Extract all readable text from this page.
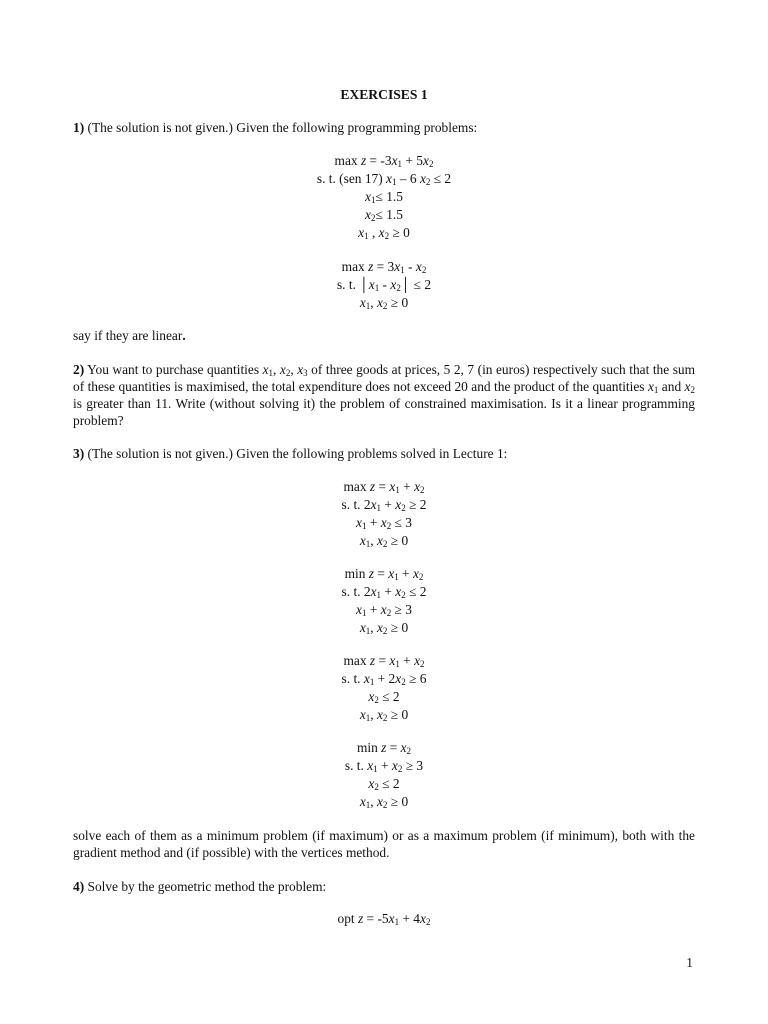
EXERCISES 1
1) (The solution is not given.) Given the following programming problems:
$\max z = -3x_1 + 5x_2$
s. t. (sen 17) $x_1 - 6$ $x_2 \le 2$
$x_1\le 1.5$
$x_2\le 1.5$
$x_1$ , $x_2 \ge 0$
$\max z = 3x_1 - x_2$
s. t. $│x_1$ - $x_2│ \le 2$
$x_1$, $x_2 \ge 0$
say if they are linear.
2) You want to purchase quantities $x_1$, $x_2$, $x_3$ of three goods at prices, 5 2, 7 (in euros) respectively such that the sum of these quantities is maximised, the total expenditure does not exceed 20 and the product of the quantities $x_1$ and $x_2$ is greater than 11. Write (without solving it) the problem of constrained maximisation. Is it a linear programming problem?
3) (The solution is not given.) Given the following problems solved in Lecture 1:
$\max z = x_1 + x_2$
s. t. $2x_1 + x_2 \ge 2$
$x_1 + x_2 \le 3$
$x_1$, $x_2 \ge 0$
$\min z = x_1 + x_2$
s. t. $2x_1 + x_2 \le 2$
$x_1 + x_2 \ge 3$
$x_1$, $x_2 \ge 0$
$\max z = x_1 + x_2$
s. t. $x_1 + 2x_2 \ge 6$
$x_2 \le 2$
$x_1$, $x_2 \ge 0$
$\min z = x_2$
s. t. $x_1 + x_2 \ge 3$
$x_2 \le 2$
$x_1$, $x_2 \ge 0$
solve each of them as a minimum problem (if maximum) or as a maximum problem (if minimum), both with the gradient method and (if possible) with the vertices method.
4) Solve by the geometric method the problem:
opt $z = -5x_1 + 4x_2$
1
